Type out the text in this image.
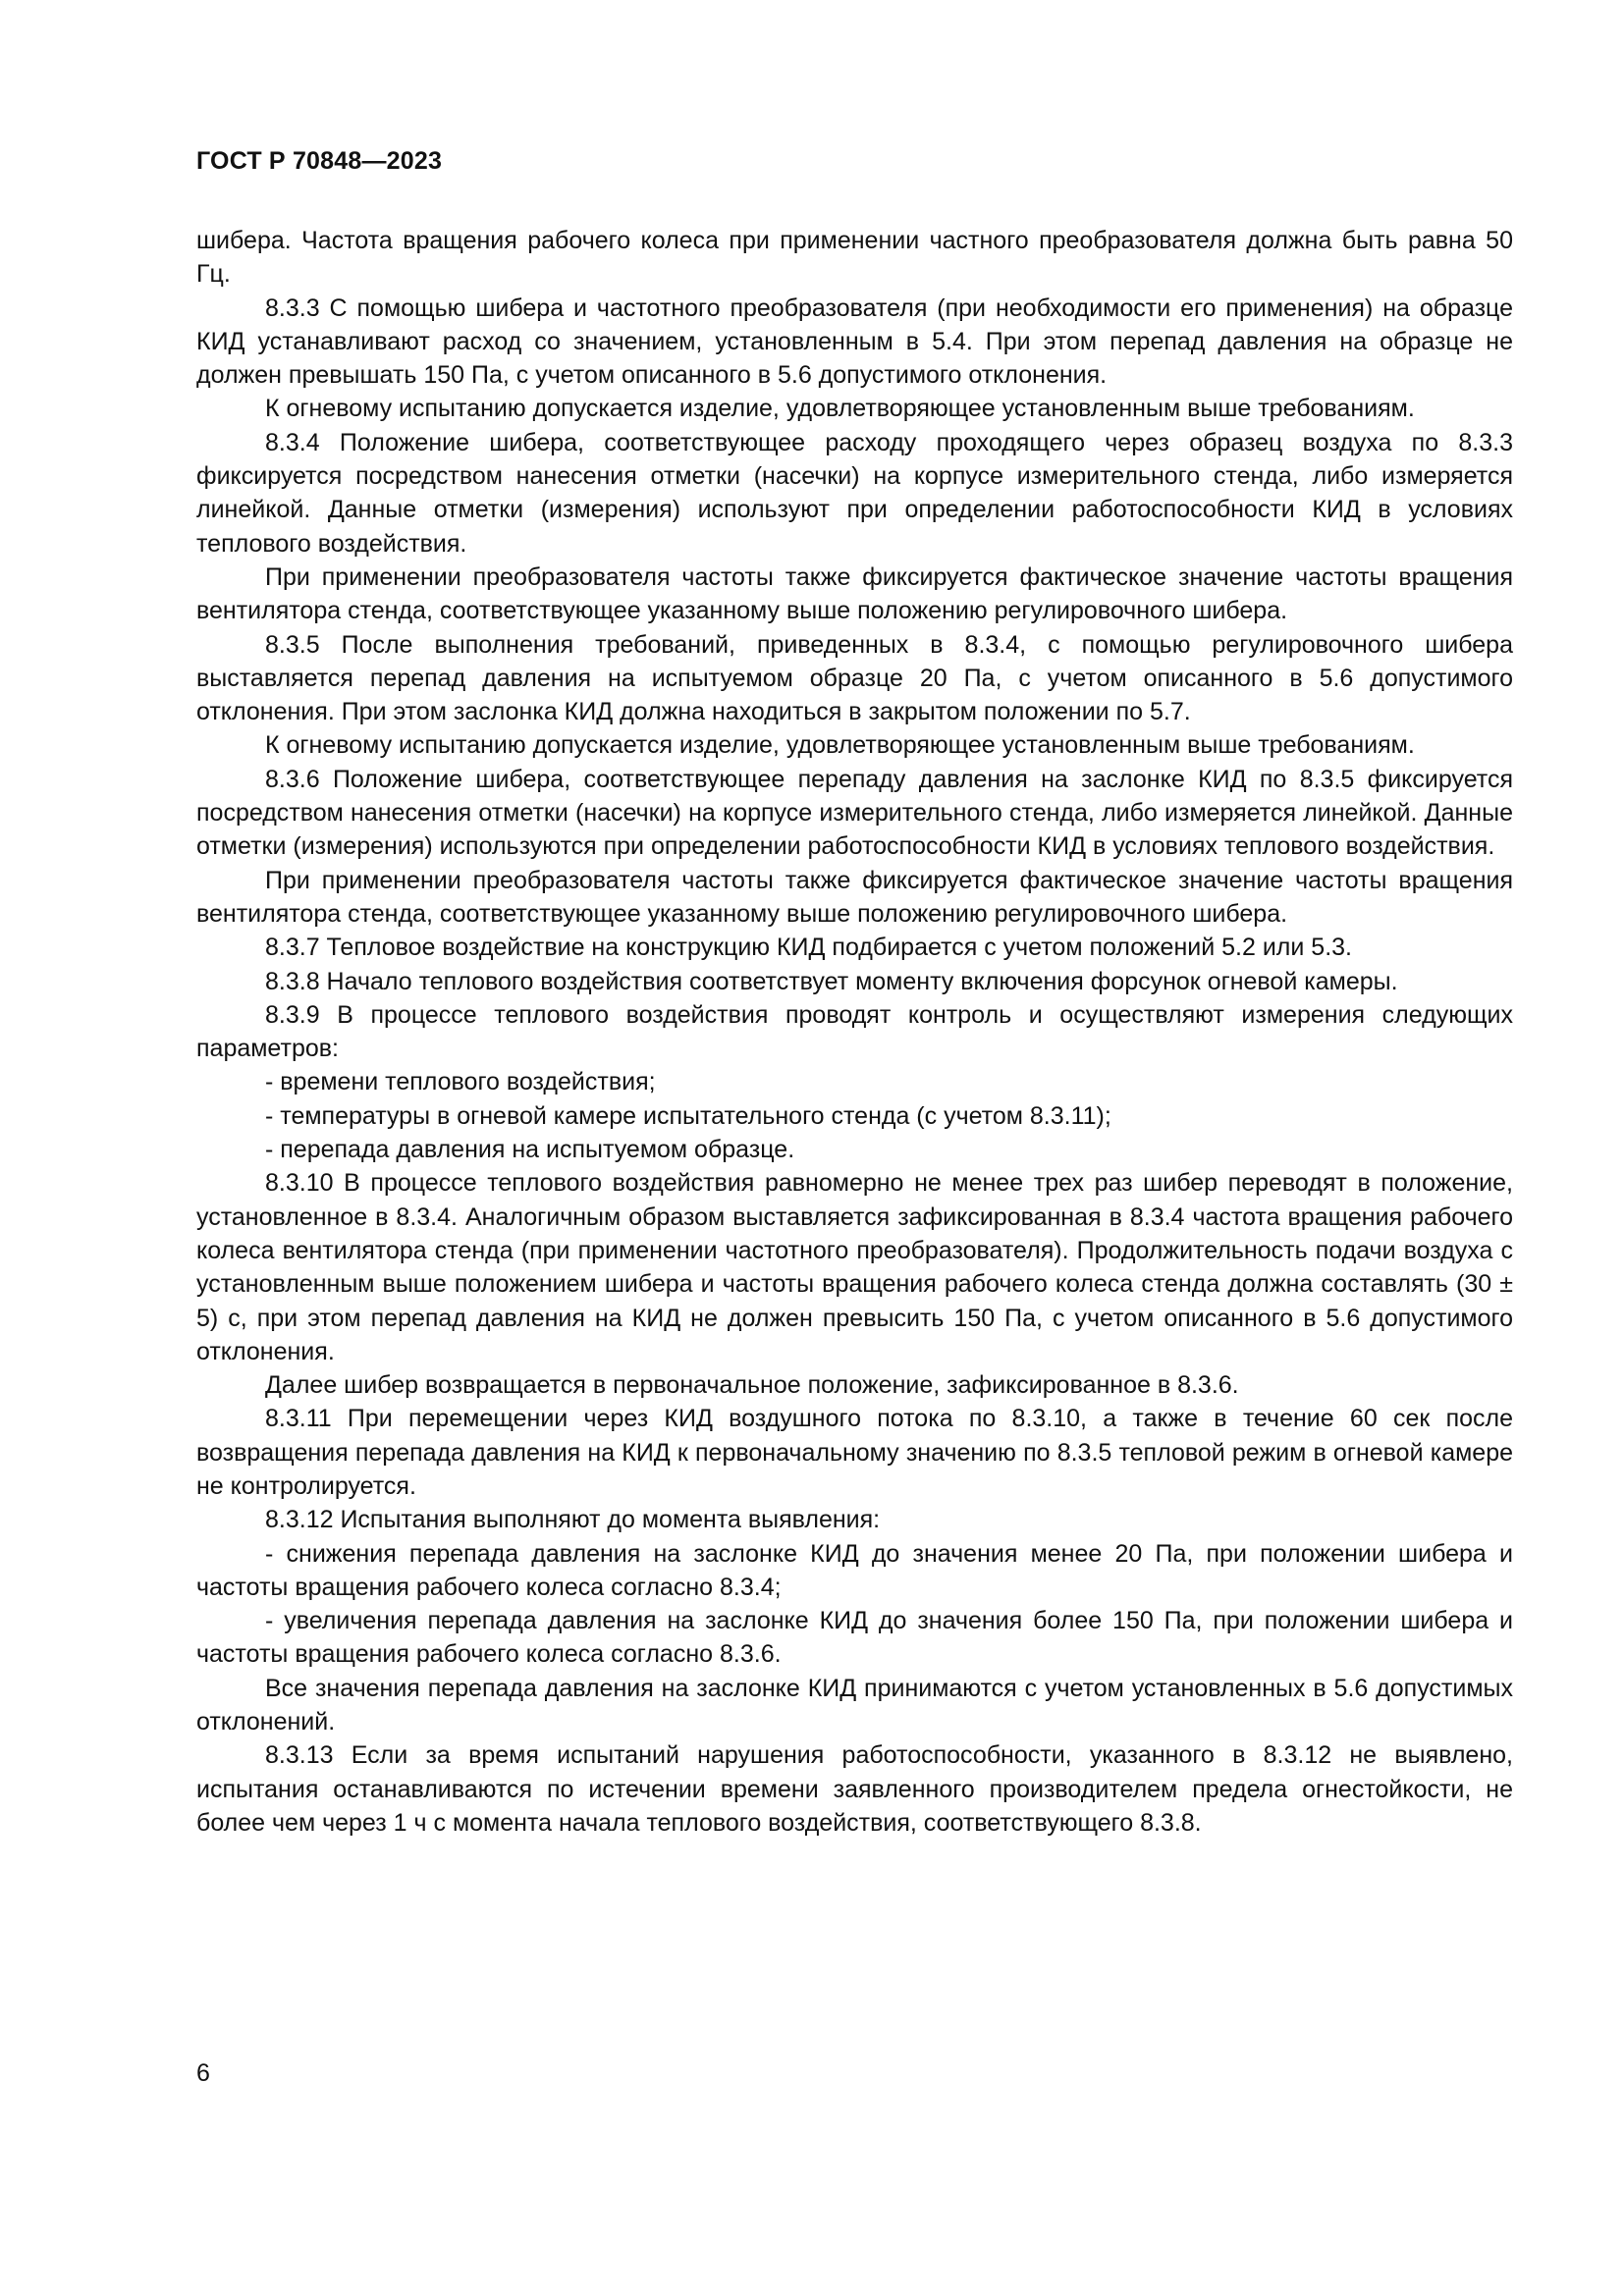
ГОСТ Р 70848—2023

шибера. Частота вращения рабочего колеса при применении частного преобразователя должна быть равна 50 Гц.

8.3.3 С помощью шибера и частотного преобразователя (при необходимости его применения) на образце КИД устанавливают расход со значением, установленным в 5.4. При этом перепад давления на образце не должен превышать 150 Па, с учетом описанного в 5.6 допустимого отклонения.

К огневому испытанию допускается изделие, удовлетворяющее установленным выше требованиям.

8.3.4 Положение шибера, соответствующее расходу проходящего через образец воздуха по 8.3.3 фиксируется посредством нанесения отметки (насечки) на корпусе измерительного стенда, либо измеряется линейкой. Данные отметки (измерения) используют при определении работоспособности КИД в условиях теплового воздействия.

При применении преобразователя частоты также фиксируется фактическое значение частоты вращения вентилятора стенда, соответствующее указанному выше положению регулировочного шибера.

8.3.5 После выполнения требований, приведенных в 8.3.4, с помощью регулировочного шибера выставляется перепад давления на испытуемом образце 20 Па, с учетом описанного в 5.6 допустимого отклонения. При этом заслонка КИД должна находиться в закрытом положении по 5.7.

К огневому испытанию допускается изделие, удовлетворяющее установленным выше требованиям.

8.3.6 Положение шибера, соответствующее перепаду давления на заслонке КИД по 8.3.5 фиксируется посредством нанесения отметки (насечки) на корпусе измерительного стенда, либо измеряется линейкой. Данные отметки (измерения) используются при определении работоспособности КИД в условиях теплового воздействия.

При применении преобразователя частоты также фиксируется фактическое значение частоты вращения вентилятора стенда, соответствующее указанному выше положению регулировочного шибера.

8.3.7 Тепловое воздействие на конструкцию КИД подбирается с учетом положений 5.2 или 5.3.

8.3.8 Начало теплового воздействия соответствует моменту включения форсунок огневой камеры.

8.3.9 В процессе теплового воздействия проводят контроль и осуществляют измерения следующих параметров:

- времени теплового воздействия;

- температуры в огневой камере испытательного стенда (с учетом 8.3.11);

- перепада давления на испытуемом образце.

8.3.10 В процессе теплового воздействия равномерно не менее трех раз шибер переводят в положение, установленное в 8.3.4. Аналогичным образом выставляется зафиксированная в 8.3.4 частота вращения рабочего колеса вентилятора стенда (при применении частотного преобразователя). Продолжительность подачи воздуха с установленным выше положением шибера и частоты вращения рабочего колеса стенда должна составлять (30 ± 5) с, при этом перепад давления на КИД не должен превысить 150 Па, с учетом описанного в 5.6 допустимого отклонения.

Далее шибер возвращается в первоначальное положение, зафиксированное в 8.3.6.

8.3.11 При перемещении через КИД воздушного потока по 8.3.10, а также в течение 60 сек после возвращения перепада давления на КИД к первоначальному значению по 8.3.5 тепловой режим в огневой камере не контролируется.

8.3.12 Испытания выполняют до момента выявления:

- снижения перепада давления на заслонке КИД до значения менее 20 Па, при положении шибера и частоты вращения рабочего колеса согласно 8.3.4;

- увеличения перепада давления на заслонке КИД до значения более 150 Па, при положении шибера и частоты вращения рабочего колеса согласно 8.3.6.

Все значения перепада давления на заслонке КИД принимаются с учетом установленных в 5.6 допустимых отклонений.

8.3.13 Если за время испытаний нарушения работоспособности, указанного в 8.3.12 не выявлено, испытания останавливаются по истечении времени заявленного производителем предела огнестойкости, не более чем через 1 ч с момента начала теплового воздействия, соответствующего 8.3.8.

6
